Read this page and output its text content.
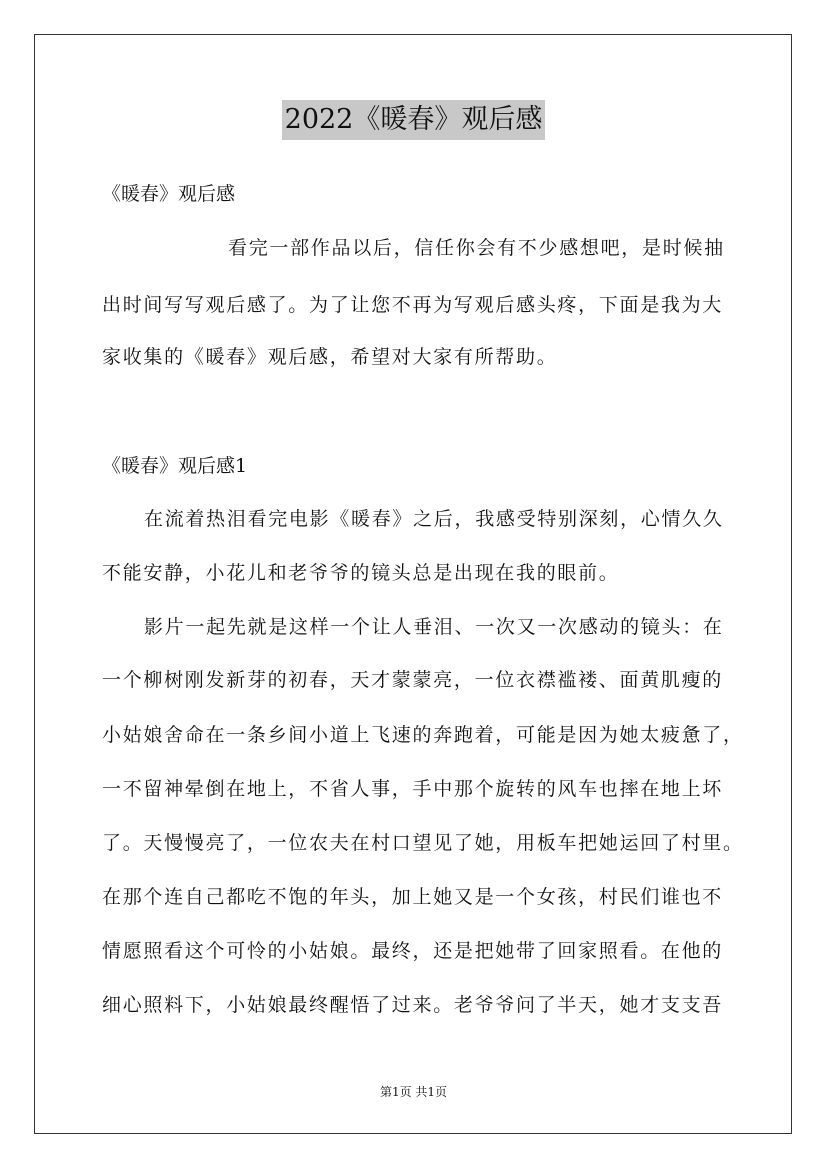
2022《暖春》观后感
《暖春》观后感
看完一部作品以后，信任你会有不少感想吧，是时候抽
出时间写写观后感了。为了让您不再为写观后感头疼，下面是我为大
家收集的《暖春》观后感，希望对大家有所帮助。
《暖春》观后感1
在流着热泪看完电影《暖春》之后，我感受特别深刻，心情久久
不能安静，小花儿和老爷爷的镜头总是出现在我的眼前。
影片一起先就是这样一个让人垂泪、一次又一次感动的镜头：在
一个柳树刚发新芽的初春，天才蒙蒙亮，一位衣襟褴褛、面黄肌瘦的
小姑娘舍命在一条乡间小道上飞速的奔跑着，可能是因为她太疲惫了，
一不留神晕倒在地上，不省人事，手中那个旋转的风车也摔在地上坏
了。天慢慢亮了，一位农夫在村口望见了她，用板车把她运回了村里。
在那个连自己都吃不饱的年头，加上她又是一个女孩，村民们谁也不
情愿照看这个可怜的小姑娘。最终，还是把她带了回家照看。在他的
细心照料下，小姑娘最终醒悟了过来。老爷爷问了半天，她才支支吾
第1页 共1页
